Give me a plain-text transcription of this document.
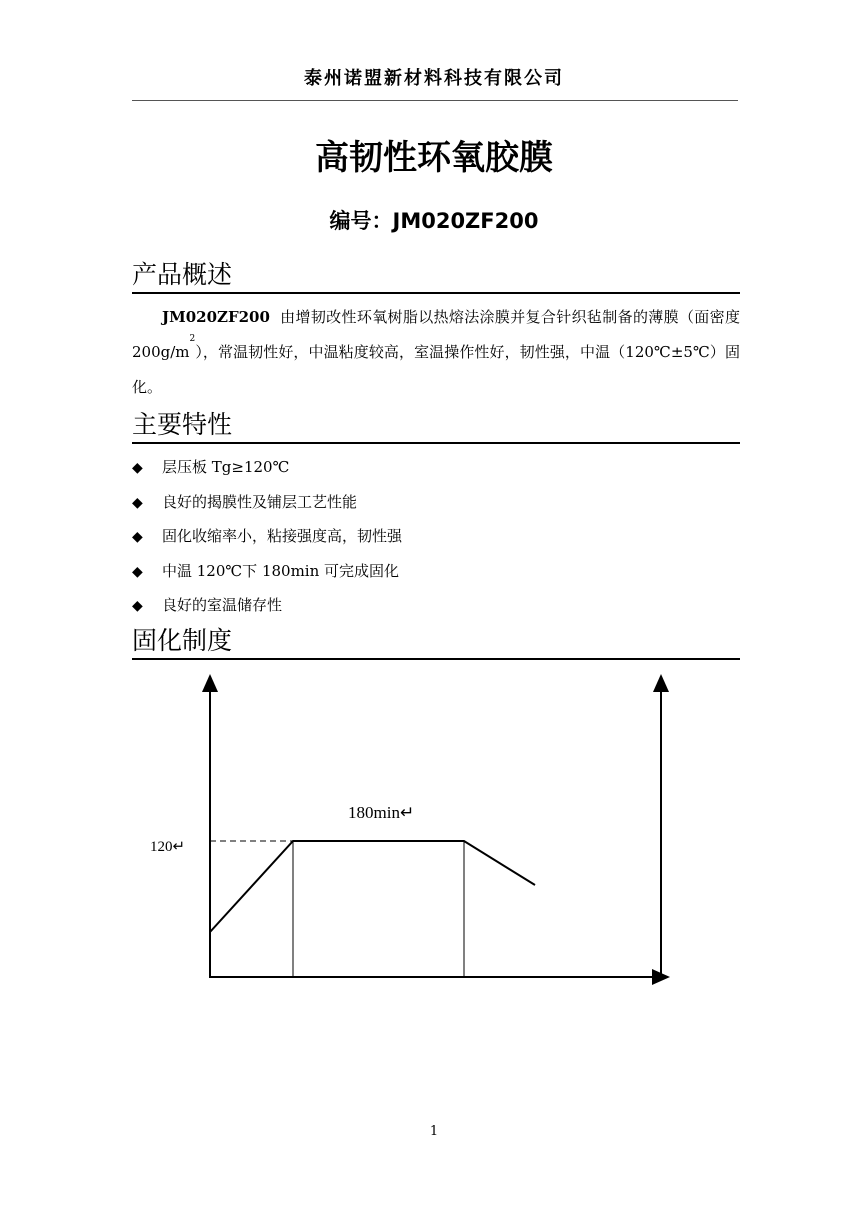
泰州诺盟新材料科技有限公司
高韧性环氧胶膜
编号：JM020ZF200
产品概述
JM020ZF200 由增韧改性环氧树脂以热熔法涂膜并复合针织毡制备的薄膜（面密度 $200g/m^2$），常温韧性好，中温粘度较高，室温操作性好，韧性强，中温（120℃±5℃）固化。
主要特性
◆ 层压板 Tg≥120℃
◆ 良好的揭膜性及铺层工艺性能
◆ 固化收缩率小，粘接强度高，韧性强
◆ 中温 120℃下 180min 可完成固化
◆ 良好的室温储存性
固化制度
180min↵
120↵
1
